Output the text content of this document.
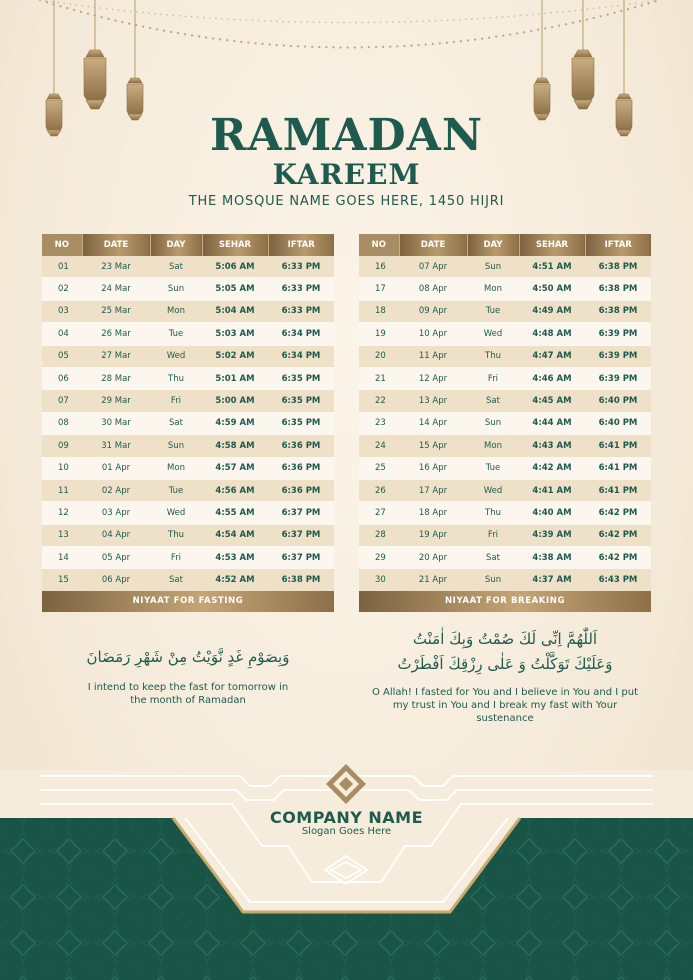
RAMADAN
KAREEM
THE MOSQUE NAME GOES HERE, 1450 HIJRI
NO	DATE	DAY	SEHAR	IFTAR
01	23 Mar	Sat	5:06 AM	6:33 PM
02	24 Mar	Sun	5:05 AM	6:33 PM
03	25 Mar	Mon	5:04 AM	6:33 PM
04	26 Mar	Tue	5:03 AM	6:34 PM
05	27 Mar	Wed	5:02 AM	6:34 PM
06	28 Mar	Thu	5:01 AM	6:35 PM
07	29 Mar	Fri	5:00 AM	6:35 PM
08	30 Mar	Sat	4:59 AM	6:35 PM
09	31 Mar	Sun	4:58 AM	6:36 PM
10	01 Apr	Mon	4:57 AM	6:36 PM
11	02 Apr	Tue	4:56 AM	6:36 PM
12	03 Apr	Wed	4:55 AM	6:37 PM
13	04 Apr	Thu	4:54 AM	6:37 PM
14	05 Apr	Fri	4:53 AM	6:37 PM
15	06 Apr	Sat	4:52 AM	6:38 PM
NO	DATE	DAY	SEHAR	IFTAR
16	07 Apr	Sun	4:51 AM	6:38 PM
17	08 Apr	Mon	4:50 AM	6:38 PM
18	09 Apr	Tue	4:49 AM	6:38 PM
19	10 Apr	Wed	4:48 AM	6:39 PM
20	11 Apr	Thu	4:47 AM	6:39 PM
21	12 Apr	Fri	4:46 AM	6:39 PM
22	13 Apr	Sat	4:45 AM	6:40 PM
23	14 Apr	Sun	4:44 AM	6:40 PM
24	15 Apr	Mon	4:43 AM	6:41 PM
25	16 Apr	Tue	4:42 AM	6:41 PM
26	17 Apr	Wed	4:41 AM	6:41 PM
27	18 Apr	Thu	4:40 AM	6:42 PM
28	19 Apr	Fri	4:39 AM	6:42 PM
29	20 Apr	Sat	4:38 AM	6:42 PM
30	21 Apr	Sun	4:37 AM	6:43 PM
NIYAAT FOR FASTING	NIYAAT FOR BREAKING
وَبِصَوْمِ غَدٍ نَّوَيْتُ مِنْ شَهْرِ رَمَضَانَ
I intend to keep the fast for tomorrow in the month of Ramadan
اَللّٰهُمَّ اِنِّى لَكَ صُمْتُ وَبِكَ اٰمَنْتُ
وَعَلَيْكَ تَوَكَّلْتُ وَ عَلٰى رِزْقِكَ اَفْطَرْتُ
O Allah! I fasted for You and I believe in You and I put my trust in You and I break my fast with Your sustenance
COMPANY NAME
Slogan Goes Here
